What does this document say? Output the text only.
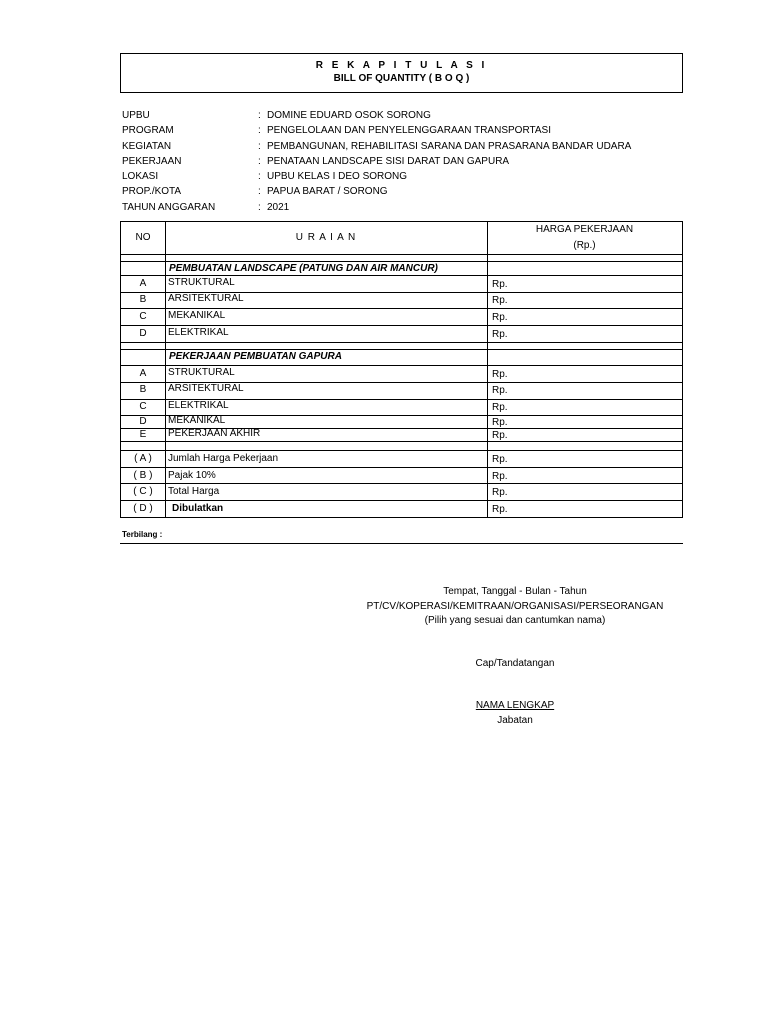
R E K A P I T U L A S I
BILL OF QUANTITY ( B O Q )
UPBU	: DOMINE EDUARD OSOK SORONG
PROGRAM	: PENGELOLAAN DAN PENYELENGGARAAN TRANSPORTASI
KEGIATAN	: PEMBANGUNAN, REHABILITASI SARANA DAN PRASARANA BANDAR UDARA
PEKERJAAN	: PENATAAN LANDSCAPE SISI DARAT DAN GAPURA
LOKASI	: UPBU KELAS I DEO SORONG
PROP./KOTA	: PAPUA BARAT / SORONG
TAHUN ANGGARAN	: 2021
NO	U R A I A N
HARGA PEKERJAAN
(Rp.)
PEMBUATAN LANDSCAPE (PATUNG DAN AIR MANCUR)
A	STRUKTURAL	Rp.
B	ARSITEKTURAL	Rp.
C	MEKANIKAL	Rp.
D	ELEKTRIKAL	Rp.
PEKERJAAN PEMBUATAN GAPURA
A	STRUKTURAL	Rp.
B	ARSITEKTURAL	Rp.
C	ELEKTRIKAL	Rp.
D	MEKANIKAL	Rp.
E	PEKERJAAN AKHIR	Rp.
( A )	Jumlah Harga Pekerjaan	Rp.
( B )	Pajak 10%	Rp.
( C )	Total Harga	Rp.
( D )	Dibulatkan	Rp.
Terbilang :
Tempat, Tanggal - Bulan - Tahun
PT/CV/KOPERASI/KEMITRAAN/ORGANISASI/PERSEORANGAN
(Pilih yang sesuai dan cantumkan nama)
Cap/Tandatangan
NAMA LENGKAP
Jabatan
